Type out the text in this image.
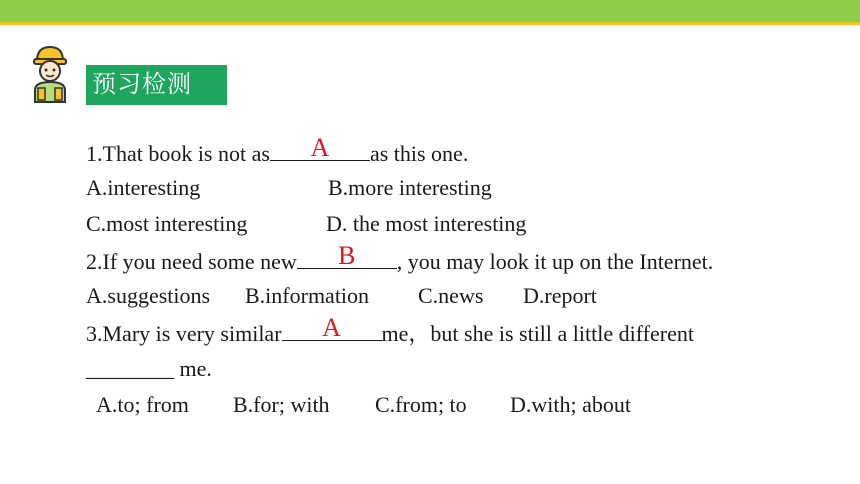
预习检测
1.That book is not as	A	as this one.
A.interesting	B.more interesting
C.most interesting	D. the most interesting
2.If you need some new	B	, you may look it up on the Internet.
A.suggestions B.information C.news D.report
3.Mary is very similar	A	me，but she is still a little different
________ me.
A.to; from B.for; with C.from; to D.with; about
